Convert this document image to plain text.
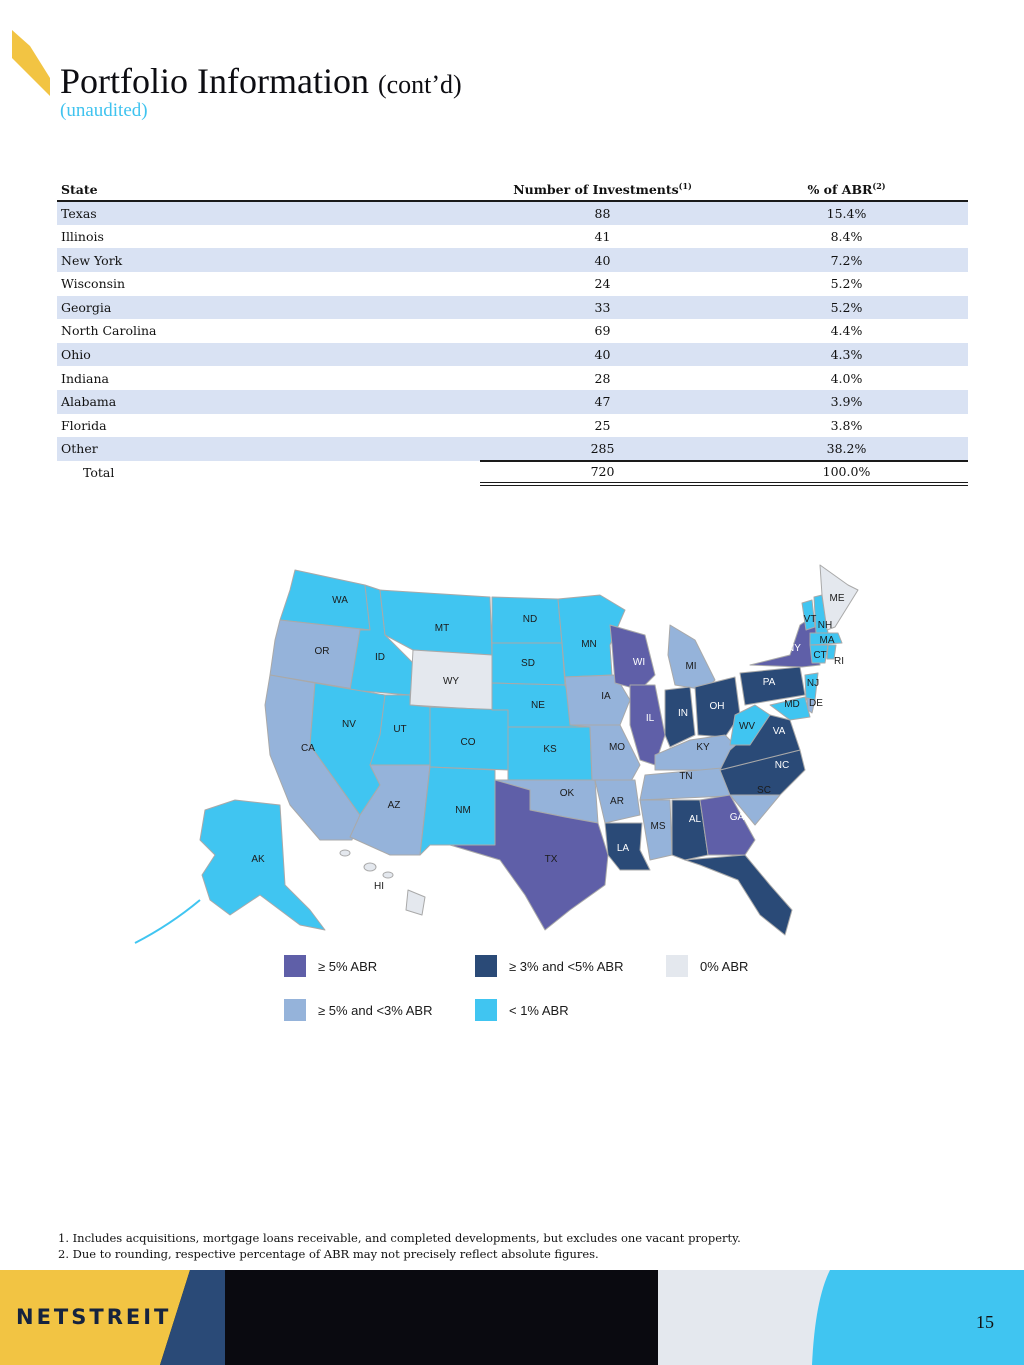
Portfolio Information (cont’d)
(unaudited)
State	Number of Investments$^{(1)}$	% of ABR$^{(2)}$
Texas	88	15.4%
Illinois	41	8.4%
New York	40	7.2%
Wisconsin	24	5.2%
Georgia	33	5.2%
North Carolina	69	4.4%
Ohio	40	4.3%
Indiana	28	4.0%
Alabama	47	3.9%
Florida	25	3.8%
Other	285	38.2%
Total	720	100.0%
WA
OR
CA
ID
NV
MT
WY
UT
AZ
CO
NM
ND
SD
NE
KS
OK
TX
MN
IA
MO
AR
LA
WI
IL
MI
IN
OH
KY
TN
MS
AL	GA
FL
SC
NC
VA
WV
PA
NY
NJ
MD DE
VT
NH
ME
MA
CT
RI
AK
HI
≥ 5% ABR	≥ 3% and <5% ABR	0% ABR
≥ 5% and <3% ABR	< 1% ABR
1. Includes acquisitions, mortgage loans receivable, and completed developments, but excludes one vacant property.
2. Due to rounding, respective percentage of ABR may not precisely reflect absolute figures.
NETSTREIT	15
